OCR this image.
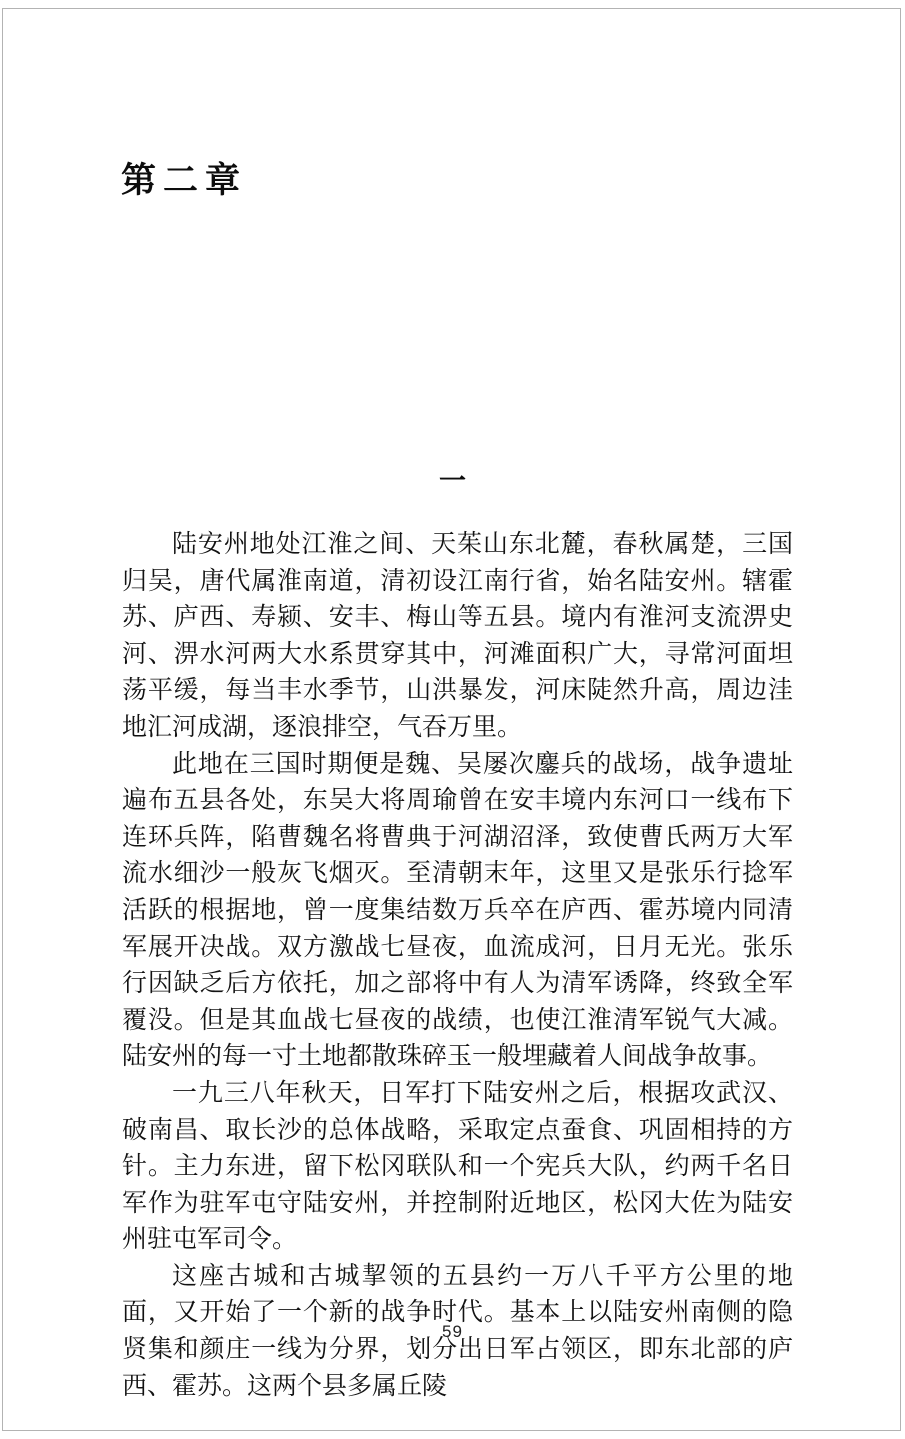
第二章
一

陆安州地处江淮之间、天茱山东北麓，春秋属楚，三国归吴，唐代属淮南道，清初设江南行省，始名陆安州。辖霍苏、庐西、寿颍、安丰、梅山等五县。境内有淮河支流淠史河、淠水河两大水系贯穿其中，河滩面积广大，寻常河面坦荡平缓，每当丰水季节，山洪暴发，河床陡然升高，周边洼地汇河成湖，逐浪排空，气吞万里。

此地在三国时期便是魏、吴屡次鏖兵的战场，战争遗址遍布五县各处，东吴大将周瑜曾在安丰境内东河口一线布下连环兵阵，陷曹魏名将曹典于河湖沼泽，致使曹氏两万大军流水细沙一般灰飞烟灭。至清朝末年，这里又是张乐行捻军活跃的根据地，曾一度集结数万兵卒在庐西、霍苏境内同清军展开决战。双方激战七昼夜，血流成河，日月无光。张乐行因缺乏后方依托，加之部将中有人为清军诱降，终致全军覆没。但是其血战七昼夜的战绩，也使江淮清军锐气大减。陆安州的每一寸土地都散珠碎玉一般埋藏着人间战争故事。

一九三八年秋天，日军打下陆安州之后，根据攻武汉、破南昌、取长沙的总体战略，采取定点蚕食、巩固相持的方针。主力东进，留下松冈联队和一个宪兵大队，约两千名日军作为驻军屯守陆安州，并控制附近地区，松冈大佐为陆安州驻屯军司令。

这座古城和古城挈领的五县约一万八千平方公里的地面，又开始了一个新的战争时代。基本上以陆安州南侧的隐贤集和颜庄一线为分界，划分出日军占领区，即东北部的庐西、霍苏。这两个县多属丘陵

59
